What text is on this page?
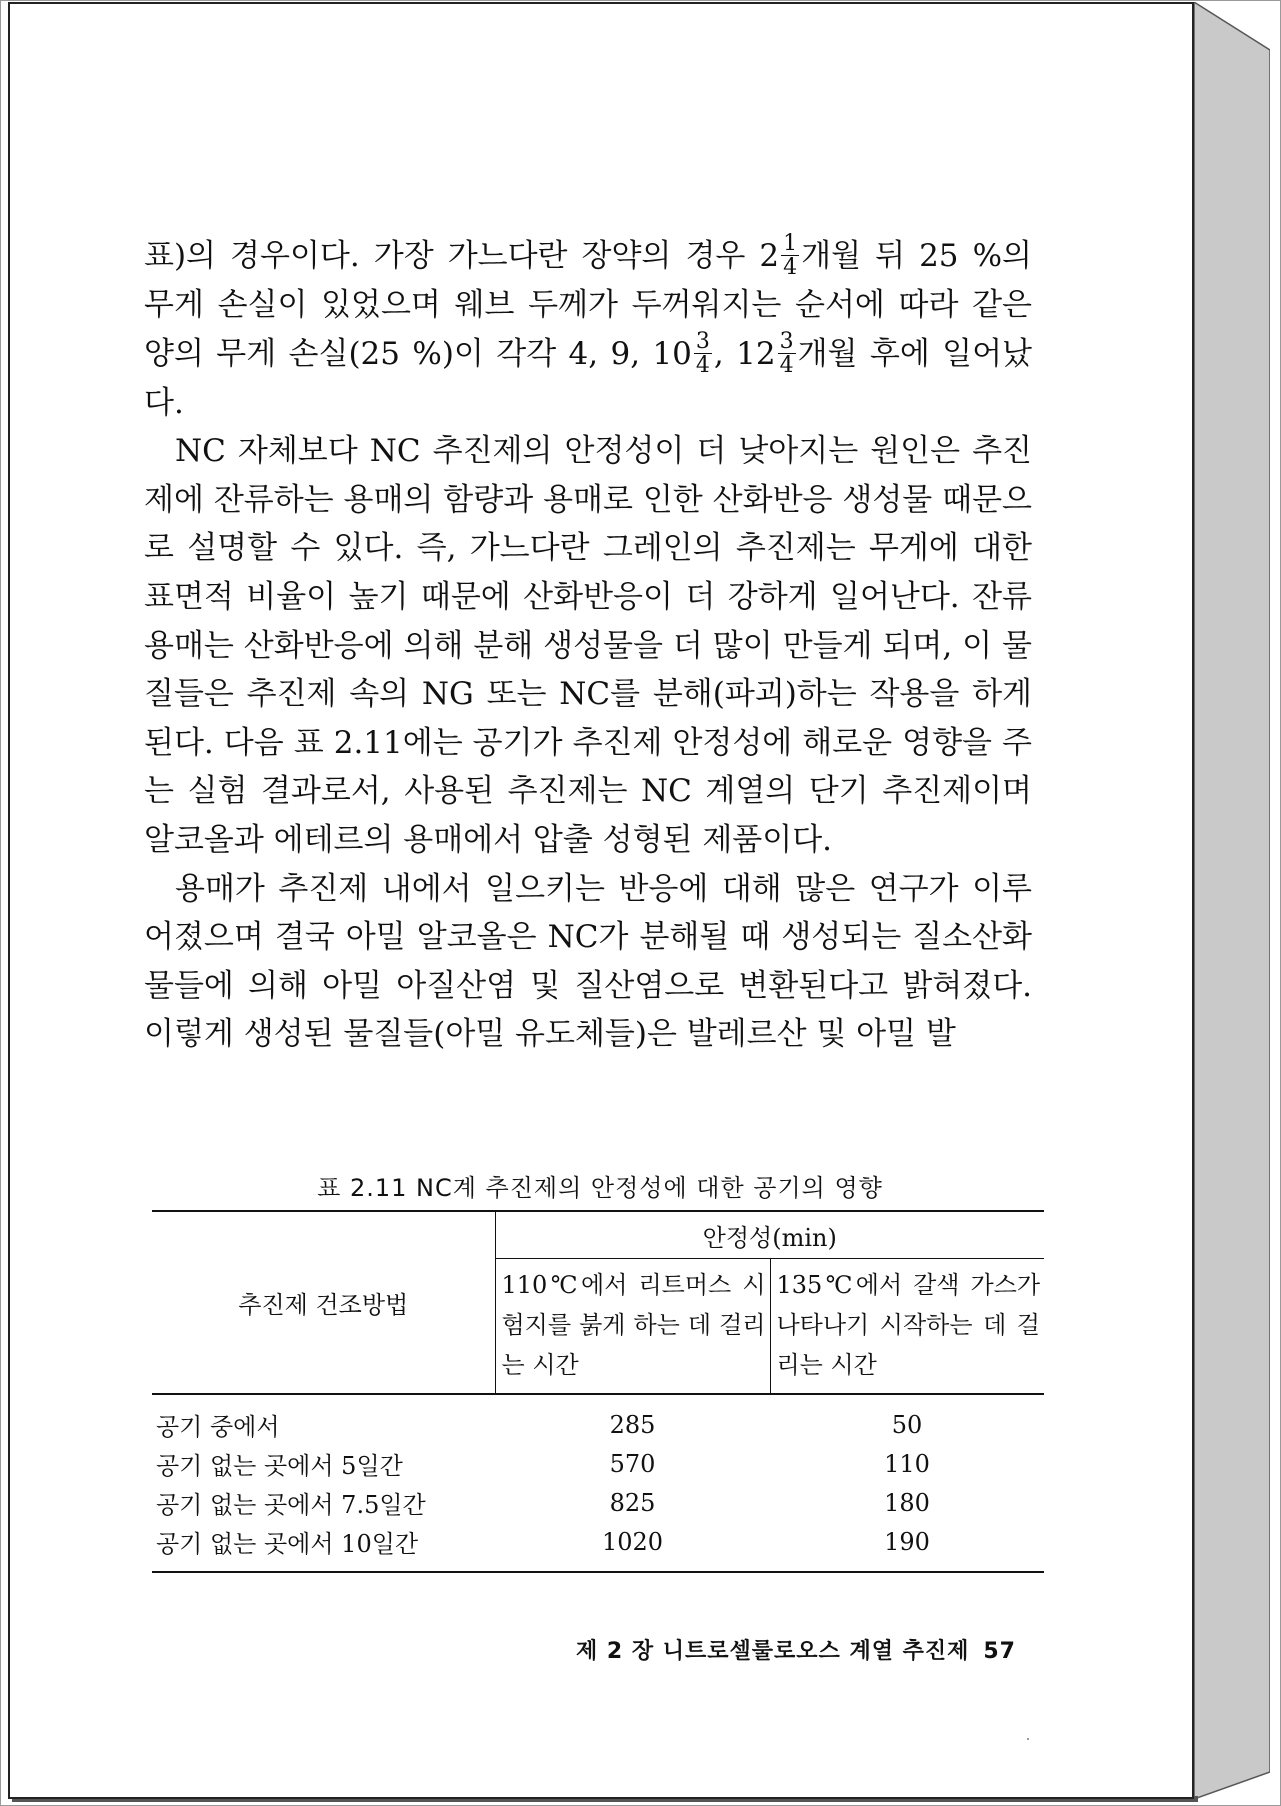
표)의 경우이다. 가장 가느다란 장약의 경우 $2 \frac{1}{4}$ 개월 뒤 25 %의 무게 손실이 있었으며 웨브 두께가 두꺼워지는 순서에 따라 같은 양의 무게 손실(25 %)이 각각 4, 9, $10 \frac{3}{4}$ , $12 \frac{3}{4}$ 개월 후에 일어났다.

NC 자체보다 NC 추진제의 안정성이 더 낮아지는 원인은 추진제에 잔류하는 용매의 함량과 용매로 인한 산화반응 생성물 때문으로 설명할 수 있다. 즉, 가느다란 그레인의 추진제는 무게에 대한 표면적 비율이 높기 때문에 산화반응이 더 강하게 일어난다. 잔류 용매는 산화반응에 의해 분해 생성물을 더 많이 만들게 되며, 이 물질들은 추진제 속의 NG 또는 NC를 분해(파괴)하는 작용을 하게 된다. 다음 표 2.11에는 공기가 추진제 안정성에 해로운 영향을 주는 실험 결과로서, 사용된 추진제는 NC 계열의 단기 추진제이며 알코올과 에테르의 용매에서 압출 성형된 제품이다.

용매가 추진제 내에서 일으키는 반응에 대해 많은 연구가 이루어졌으며 결국 아밀 알코올은 NC가 분해될 때 생성되는 질소산화물들에 의해 아밀 아질산염 및 질산염으로 변환된다고 밝혀졌다. 이렇게 생성된 물질들(아밀 유도체들)은 발레르산 및 아밀 발

표 2.11 NC계 추진제의 안정성에 대한 공기의 영향
추진제 건조방법	안정성(min)	
	110℃에서 리트머스 시험지를 붉게 하는 데 걸리는 시간	135℃에서 갈색 가스가 나타나기 시작하는 데 걸리는 시간
공기 중에서	285	50
공기 없는 곳에서 5일간	570	110
공기 없는 곳에서 7.5일간	825	180
공기 없는 곳에서 10일간	1020	190
제 2 장 니트로셀룰로오스 계열 추진제 57
